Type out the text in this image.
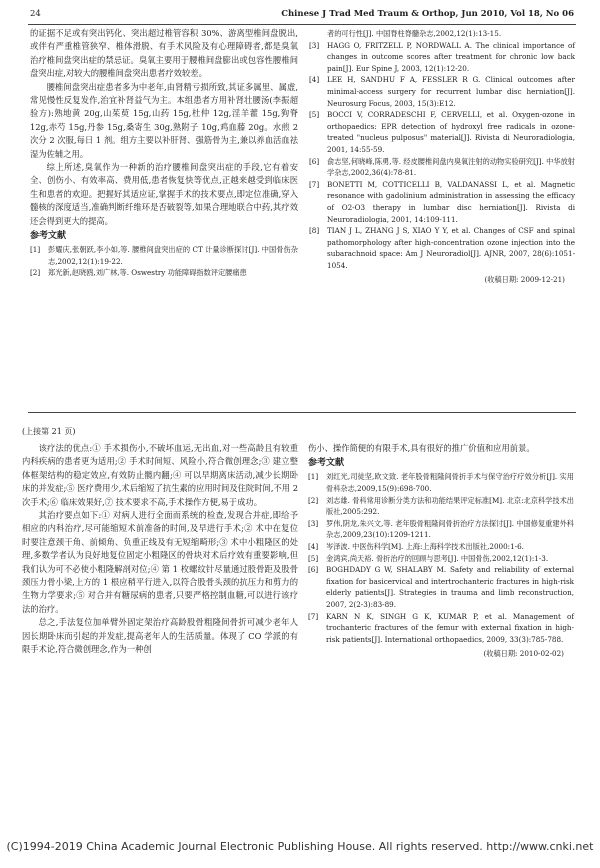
24	Chinese J Trad Med Traum & Orthop, Jun 2010, Vol 18, No 06

的证据不足或有突出钙化、突出超过椎管容积 30%、游离型椎间盘脱出,或伴有严重椎管狭窄、椎体滑脱、有手术风险及有心理障碍者,都是臭氧治疗椎间盘突出症的禁忌证。臭氧主要用于腰椎间盘膨出或包容性腰椎间盘突出症,对较大的腰椎间盘突出患者疗效较差。

腰椎间盘突出症患者多为中老年,由肾精亏损所致,其证多属里、属虚,常见慢性反复发作,治宜补肾益气为主。本组患者方用补肾壮腰汤(李振超验方):熟地黄 20g,山茱萸 15g,山药 15g,杜仲 12g,淫羊藿 15g,狗脊 12g,赤芍 15g,丹参 15g,桑寄生 30g,熟附子 10g,鸡血藤 20g。水煎 2 次分 2 次服,每日 1 剂。组方主要以补肝肾、强筋骨为主,兼以养血活血祛湿为佐辅之用。

综上所述,臭氧作为一种新的治疗腰椎间盘突出症的手段,它有着安全、创伤小、有效率高、费用低,患者恢复快等优点,正越来越受到临床医生和患者的欢迎。把握好其适应证,掌握手术的技术要点,即定位准确,穿入髓核的深度适当,准确判断纤维环是否破裂等,如果合理地联合中药,其疗效还会得到更大的提高。

参考文献
[1]	彭耀庆,张朝跃,李小如,等. 腰椎间盘突出症的 CT 计量诊断探讨[J]. 中国骨伤杂志,2002,12(1):19-22.
[2]	郑光新,赵晓鸥,刘广林,等. Oswestry 功能障碍指数评定腰痛患
者的可行性[J]. 中国脊柱脊髓杂志,2002,12(1):13-15.
[3]	HAGG O, FRITZELL P, NORDWALL A. The clinical importance of changes in outcome scores after treatment for chronic low back pain[J]. Eur Spine J, 2003, 12(1):12-20.
[4]	LEE H, SANDHU F A, FESSLER R G. Clinical outcomes after minimal-access surgery for recurrent lumbar disc herniation[J]. Neurosurg Focus, 2003, 15(3):E12.
[5]	BOCCI V, CORRADESCHI F, CERVELLI, et al. Oxygen-ozone in orthopaedics: EPR detection of hydroxyl free radicals in ozone-treated "nucleus pulposus" material[J]. Rivista di Neuroradiologia, 2001, 14:55-59.
[6]	俞志坚,何晓峰,陈勇,等. 经皮腰椎间盘内臭氧注射的动物实验研究[J]. 中华放射学杂志,2002,36(4):78-81.
[7]	BONETTI M, COTTICELLI B, VALDANASSI L, et al. Magnetic resonance with gadolinium administration in assessing the efficacy of O2-O3 therapy in lumbar disc herniation[J]. Rivista di Neuroradiologia, 2001, 14:109-111.
[8]	TIAN J L, ZHANG J S, XIAO Y Y, et al. Changes of CSF and spinal pathomorphology after high-concentration ozone injection into the subarachnoid space: Am J Neuroradiol[J]. AJNR, 2007, 28(6):1051-1054.
(收稿日期: 2009-12-21)
(上接第 21 页)

该疗法的优点:① 手术损伤小,不破坏血运,无出血,对一些高龄且有较重内科疾病的患者更为适用;② 手术时间短、风险小,符合微创理念;③ 建立整体框架结构的稳定效应,有效防止髋内翻;④ 可以早期离床活动,减少长期卧床的并发症;⑤ 医疗费用少,术后缩短了抗生素的应用时间及住院时间,不用 2 次手术;⑥ 临床效果好,⑦ 技术要求不高,手术操作方便,易于成功。

其治疗要点如下:① 对病人进行全面而系统的检查,发现合并症,即给予相应的内科治疗,尽可能缩短术前准备的时间,及早进行手术;② 术中在复位时要注意颈干角、前倾角、负重正线及有无短缩畸形;③ 术中小粗隆区的处理,多数学者认为良好地复位固定小粗隆区的骨块对术后疗效有重要影响,但我们认为可不必使小粗隆解剖对位;④ 第 1 枚螺纹针尽量通过股骨距及股骨颈压力骨小梁,上方的 1 根应稍平行进入,以符合股骨头颈的抗压力和剪力的生物力学要求;⑤ 对合并有糖尿病的患者,只要严格控制血糖,可以进行该疗法的治疗。

总之,手法复位加单臂外固定架治疗高龄股骨粗隆间骨折可减少老年人因长期卧床而引起的并发症,提高老年人的生活质量。体现了 CO 学派的有限手术论,符合微创理念,作为一种创

伤小、操作简便的有限手术,具有很好的推广价值和应用前景。

参考文献
[1]	刘红光,司徒坚,欧文致. 老年股骨粗隆间骨折手术与保守治疗疗效分析[J]. 实用骨科杂志,2009,15(9):698-700.
[2]	刘志雄. 骨科常用诊断分类方法和功能结果评定标准[M]. 北京:北京科学技术出版社,2005:292.
[3]	罗伟,阴龙,朱兴文,等. 老年股骨粗隆间骨折治疗方法探讨[J]. 中国修复重建外科杂志,2009,23(10):1209-1211.
[4]	岑泽波. 中医伤科学[M]. 上海:上海科学技术出版社,2000:1-6.
[5]	金鸿宾,尚天裕. 骨折治疗的回顾与思考[J]. 中国骨伤,2002,12(1):1-3.
[6]	BOGHDADY G W, SHALABY M. Safety and reliability of external fixation for basicervical and intertrochanteric fractures in high-risk elderly patients[J]. Strategies in trauma and limb reconstruction, 2007, 2(2-3):83-89.
[7]	KARN N K, SINGH G K, KUMAR P, et al. Management of trochanteric fractures of the femur with external fixation in high-risk patients[J]. International orthopaedics, 2009, 33(3):785-788.
(收稿日期: 2010-02-02)
(C)1994-2019 China Academic Journal Electronic Publishing House. All rights reserved. http://www.cnki.net
